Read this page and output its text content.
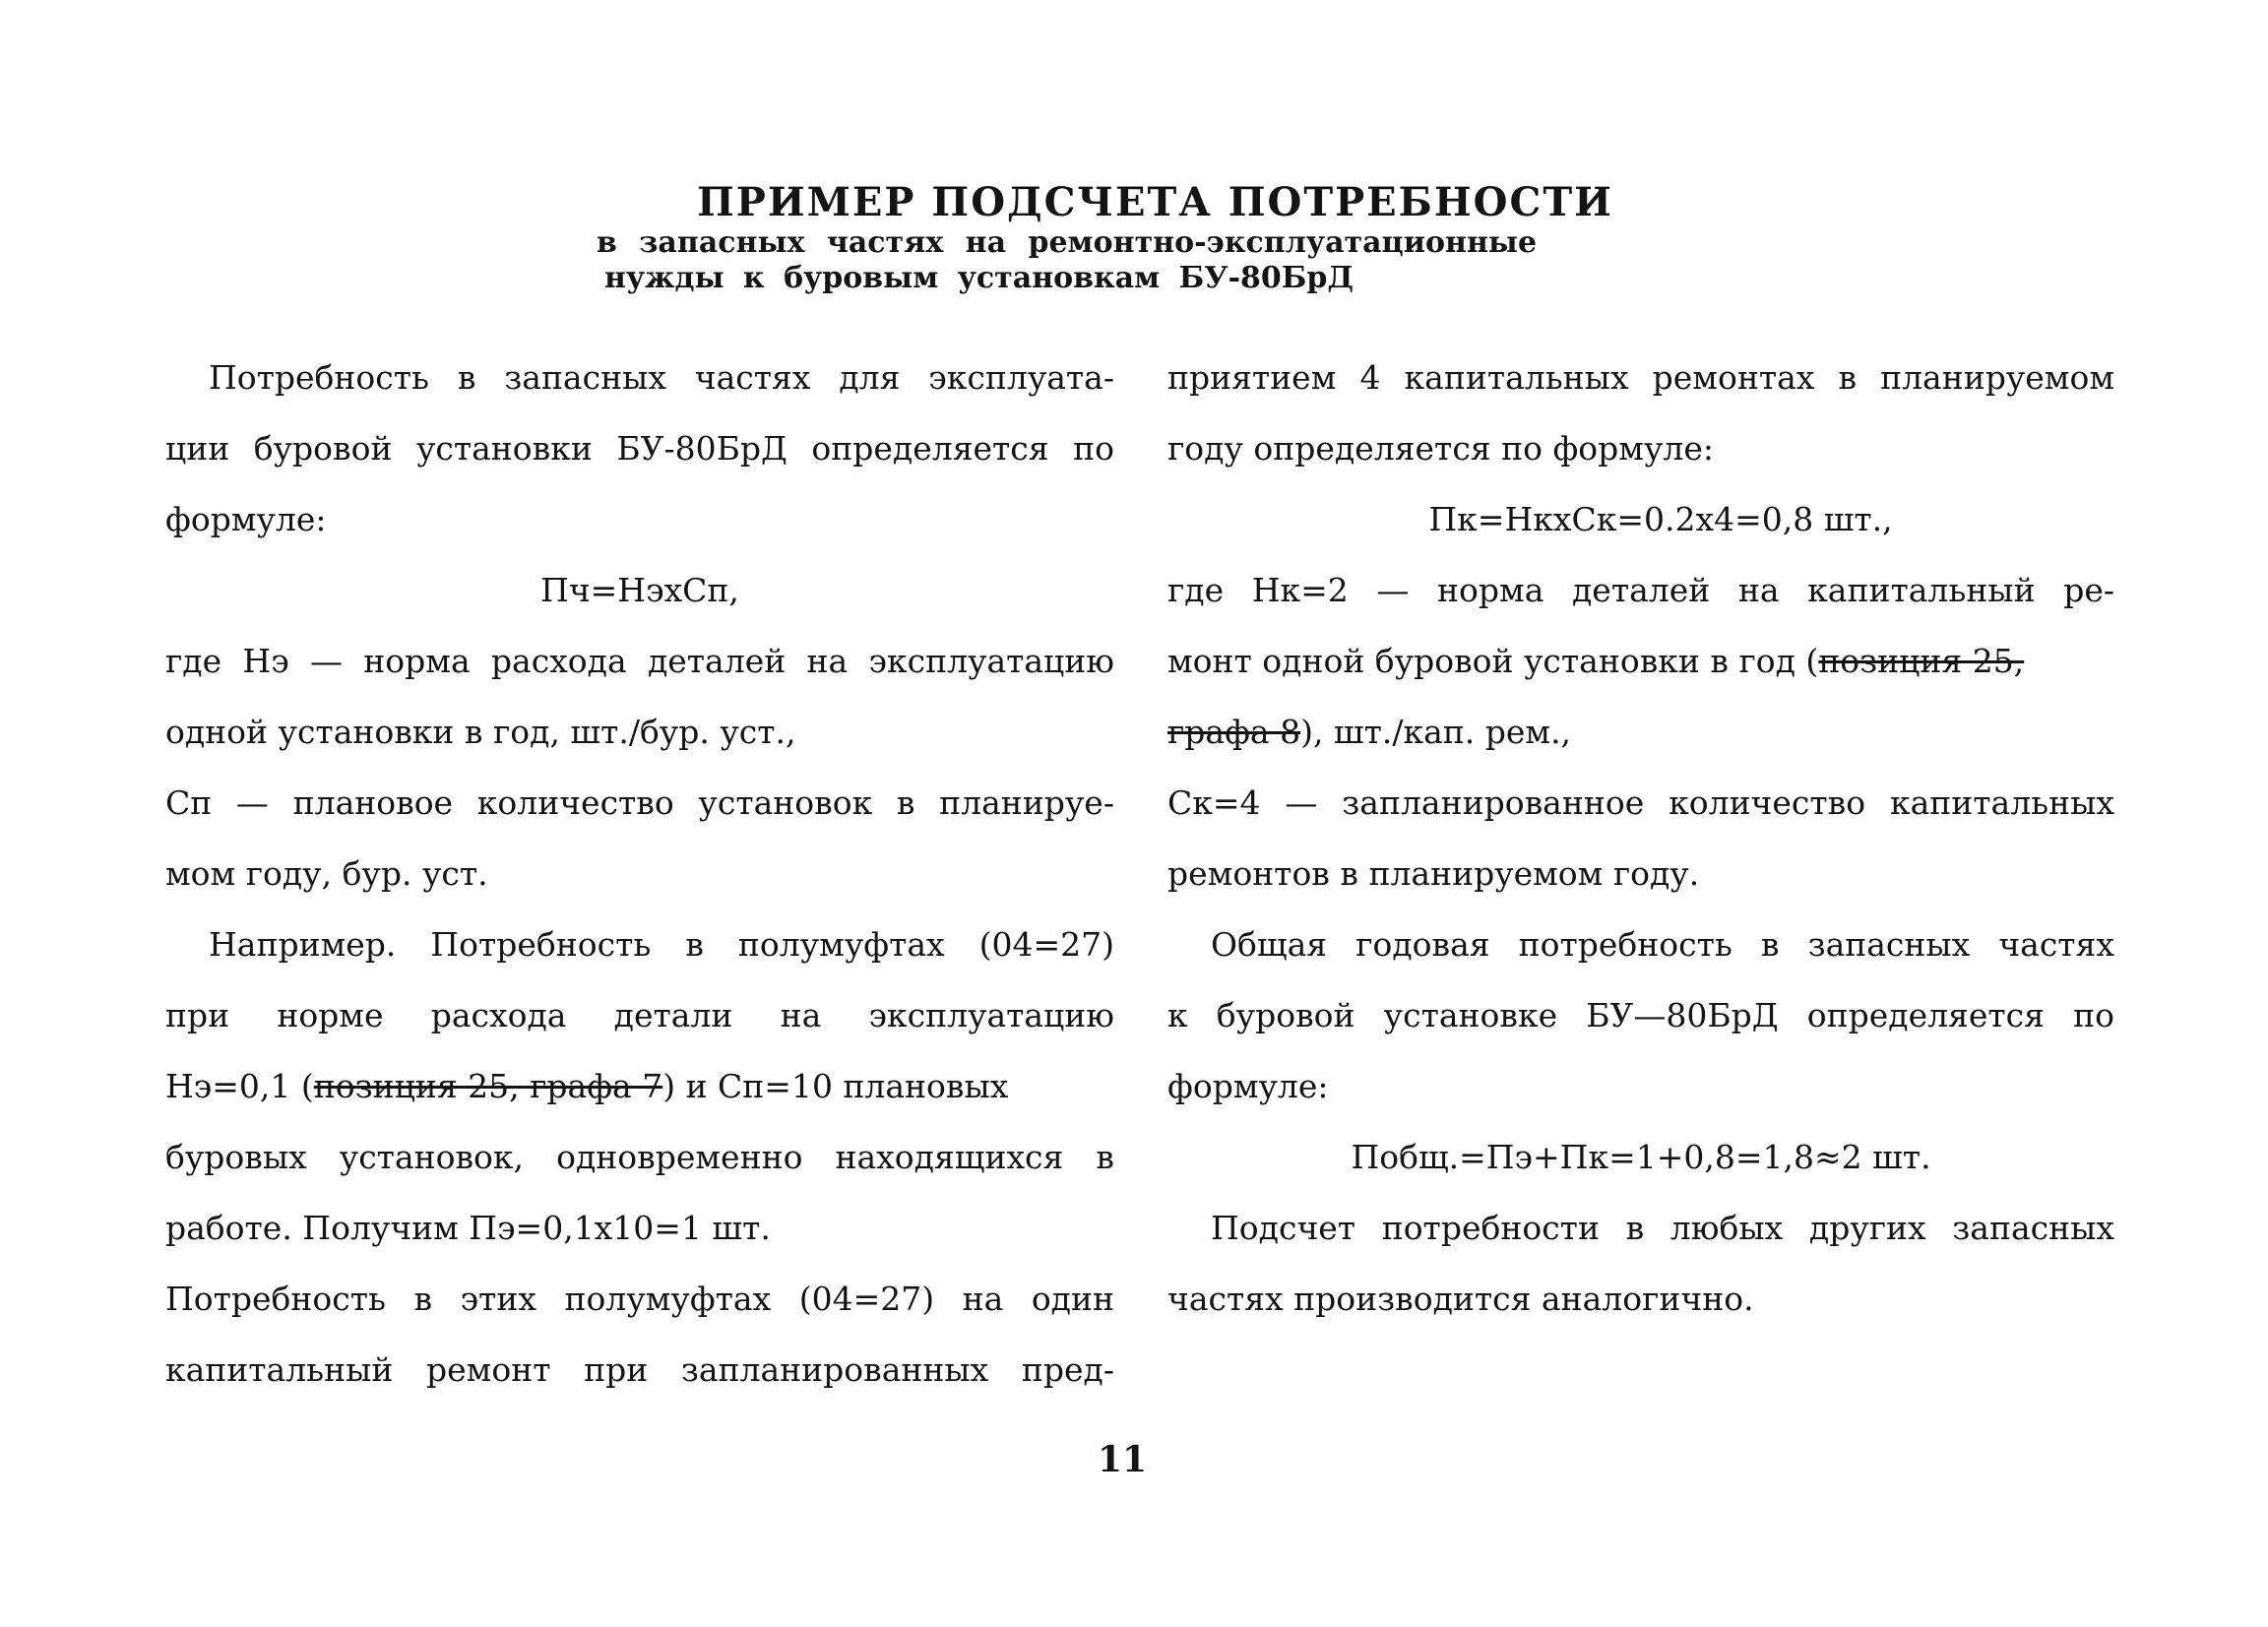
ПРИМЕР ПОДСЧЕТА ПОТРЕБНОСТИ
в запасных частях на ремонтно-эксплуатационные
нужды к буровым установкам БУ-80БрД
Потребность в запасных частях для эксплуата-
ции буровой установки БУ-80БрД определяется по
формуле:
Пч=НэхСп,
где Нэ — норма расхода деталей на эксплуатацию
одной установки в год, шт./бур. уст.,
Сп — плановое количество установок в планируе-
мом году, бур. уст.
Например. Потребность в полумуфтах (04=27)
при норме расхода детали на эксплуатацию
Нэ=0,1 (позиция 25, графа 7) и Сп=10 плановых
буровых установок, одновременно находящихся в
работе. Получим Пэ=0,1х10=1 шт.
Потребность в этих полумуфтах (04=27) на один
капитальный ремонт при запланированных пред-
приятием 4 капитальных ремонтах в планируемом
году определяется по формуле:
Пк=НкхСк=0.2х4=0,8 шт.,
где Нк=2 — норма деталей на капитальный ре-
монт одной буровой установки в год (позиция 25,
графа 8), шт./кап. рем.,
Ск=4 — запланированное количество капитальных
ремонтов в планируемом году.
Общая годовая потребность в запасных частях
к буровой установке БУ—80БрД определяется по
формуле:
Побщ.=Пэ+Пк=1+0,8=1,8≈2 шт.
Подсчет потребности в любых других запасных
частях производится аналогично.
11
